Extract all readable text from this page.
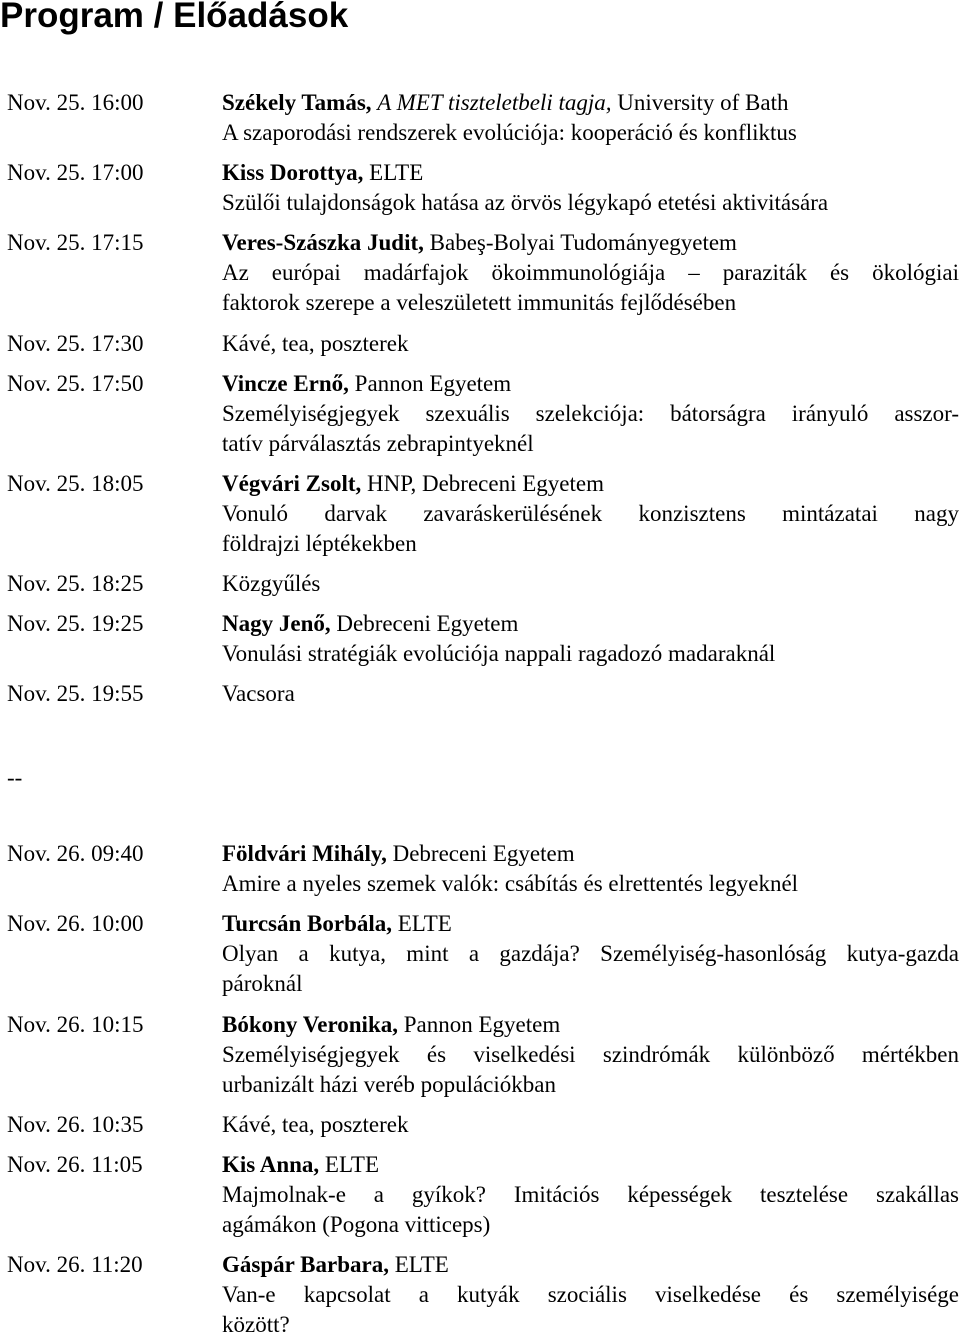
Program / Előadások
Nov. 25. 16:00	Székely Tamás, A MET tiszteletbeli tagja, University of Bath
A szaporodási rendszerek evolúciója: kooperáció és konfliktus
Nov. 25. 17:00	Kiss Dorottya, ELTE
Szülői tulajdonságok hatása az örvös légykapó etetési aktivitására
Nov. 25. 17:15	Veres-Szászka Judit, Babeş-Bolyai Tudományegyetem
Az európai madárfajok ökoimmunológiája – paraziták és ökológiai
faktorok szerepe a veleszületett immunitás fejlődésében
Nov. 25. 17:30	Kávé, tea, poszterek
Nov. 25. 17:50	Vincze Ernő, Pannon Egyetem
Személyiségjegyek szexuális szelekciója: bátorságra irányuló asszor-
tatív párválasztás zebrapintyeknél
Nov. 25. 18:05	Végvári Zsolt, HNP, Debreceni Egyetem
Vonuló darvak zavaráskerülésének konzisztens mintázatai nagy
földrajzi léptékekben
Nov. 25. 18:25	Közgyűlés
Nov. 25. 19:25	Nagy Jenő, Debreceni Egyetem
Vonulási stratégiák evolúciója nappali ragadozó madaraknál
Nov. 25. 19:55	Vacsora
--
Nov. 26. 09:40	Földvári Mihály, Debreceni Egyetem
Amire a nyeles szemek valók: csábítás és elrettentés legyeknél
Nov. 26. 10:00	Turcsán Borbála, ELTE
Olyan a kutya, mint a gazdája? Személyiség-hasonlóság kutya-gazda
pároknál
Nov. 26. 10:15	Bókony Veronika, Pannon Egyetem
Személyiségjegyek és viselkedési szindrómák különböző mértékben
urbanizált házi veréb populációkban
Nov. 26. 10:35	Kávé, tea, poszterek
Nov. 26. 11:05	Kis Anna, ELTE
Majmolnak-e a gyíkok? Imitációs képességek tesztelése szakállas
agámákon (Pogona vitticeps)
Nov. 26. 11:20	Gáspár Barbara, ELTE
Van-e kapcsolat a kutyák szociális viselkedése és személyisége
között?
